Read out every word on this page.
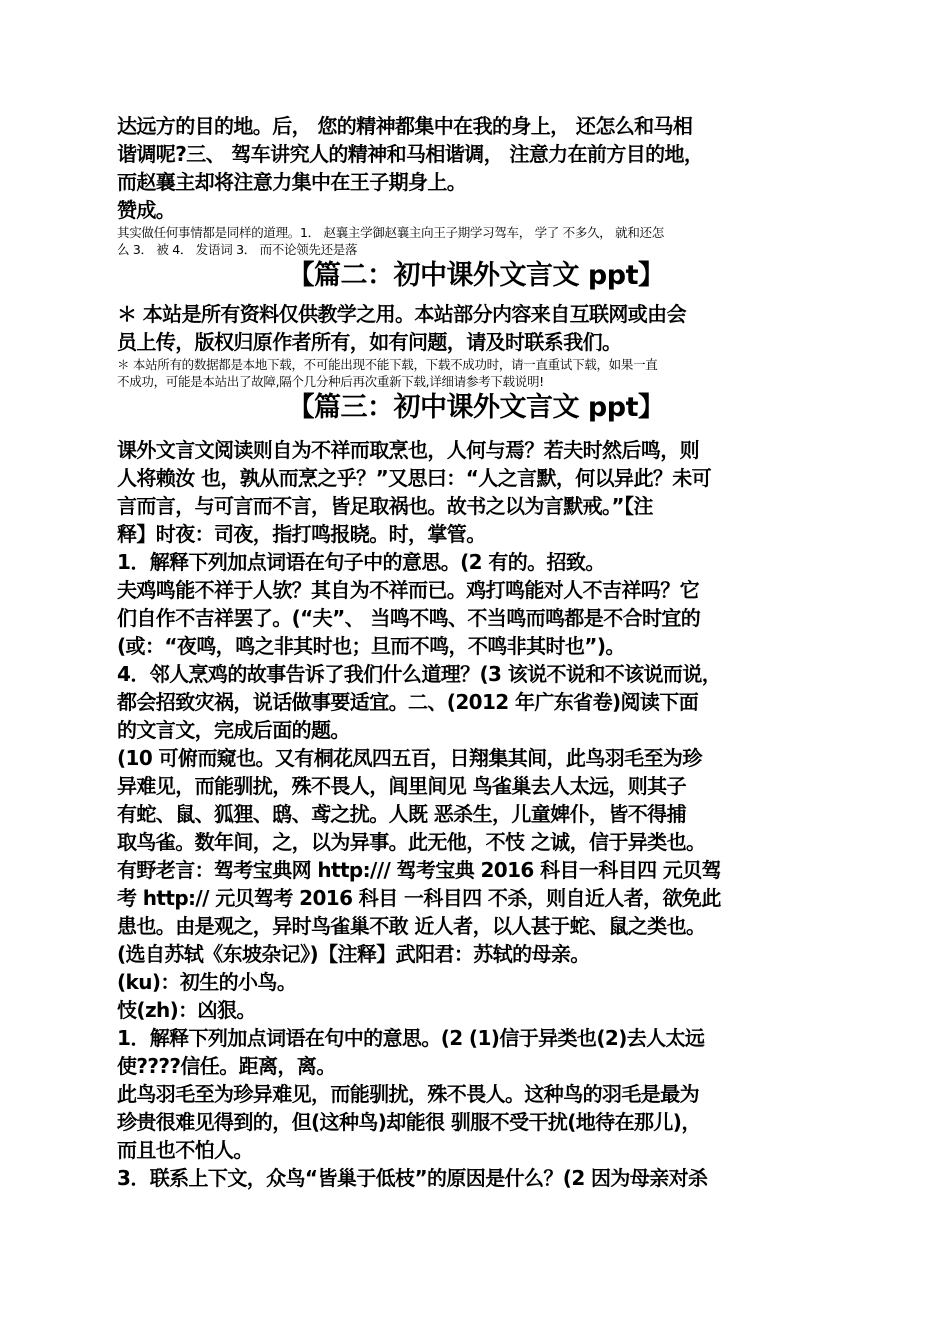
达远方的目的地。后， 您的精神都集中在我的身上， 还怎么和马相

谐调呢?三、 驾车讲究人的精神和马相谐调， 注意力在前方目的地，

而赵襄主却将注意力集中在王子期身上。

赞成。

其实做任何事情都是同样的道理。1． 赵襄主学御赵襄主向王子期学习驾车， 学了 不多久， 就和还怎

么 3． 被 4． 发语词 3． 而不论领先还是落

【篇二：初中课外文言文 ppt】

＊ 本站是所有资料仅供教学之用。本站部分内容来自互联网或由会

员上传，版权归原作者所有，如有问题，请及时联系我们。

＊ 本站所有的数据都是本地下载，不可能出现不能下载，下载不成功时，请一直重试下载，如果一直

不成功，可能是本站出了故障,隔个几分种后再次重新下载,详细请参考下载说明!

【篇三：初中课外文言文 ppt】

课外文言文阅读则自为不祥而取烹也，人何与焉？若夫时然后鸣，则

人将赖汝 也，孰从而烹之乎？”又思曰：“人之言默，何以异此？未可

言而言，与可言而不言，皆足取祸也。故书之以为言默戒。”【注

释】时夜：司夜，指打鸣报晓。时，掌管。

1．解释下列加点词语在句子中的意思。(2 有的。招致。

夫鸡鸣能不祥于人欤？其自为不祥而已。鸡打鸣能对人不吉祥吗？它

们自作不吉祥罢了。(“夫”、 当鸣不鸣、不当鸣而鸣都是不合时宜的

(或：“夜鸣，鸣之非其时也；旦而不鸣，不鸣非其时也”)。

4．邻人烹鸡的故事告诉了我们什么道理？(3 该说不说和不该说而说，

都会招致灾祸，说话做事要适宜。二、(2012 年广东省卷)阅读下面

的文言文，完成后面的题。

(10 可俯而窥也。又有桐花凤四五百，日翔集其间，此鸟羽毛至为珍

异难见，而能驯扰，殊不畏人，闾里间见 鸟雀巢去人太远，则其子

有蛇、鼠、狐狸、鸱、鸢之扰。人既 恶杀生，儿童婢仆，皆不得捕

取鸟雀。数年间，之，以为异事。此无他，不忮 之诚，信于异类也。

有野老言：驾考宝典网 http:/// 驾考宝典 2016 科目一科目四 元贝驾

考 http:// 元贝驾考 2016 科目 一科目四 不杀，则自近人者，欲免此

患也。由是观之，异时鸟雀巢不敢 近人者，以人甚于蛇、鼠之类也。

(选自苏轼《东坡杂记》)【注释】武阳君：苏轼的母亲。

(ku)：初生的小鸟。

忮(zh)：凶狠。

1．解释下列加点词语在句中的意思。(2 (1)信于异类也(2)去人太远

使????信任。距离，离。

此鸟羽毛至为珍异难见，而能驯扰，殊不畏人。这种鸟的羽毛是最为

珍贵很难见得到的，但(这种鸟)却能很 驯服不受干扰(地待在那儿)，

而且也不怕人。

3．联系上下文，众鸟“皆巢于低枝”的原因是什么？(2 因为母亲对杀
